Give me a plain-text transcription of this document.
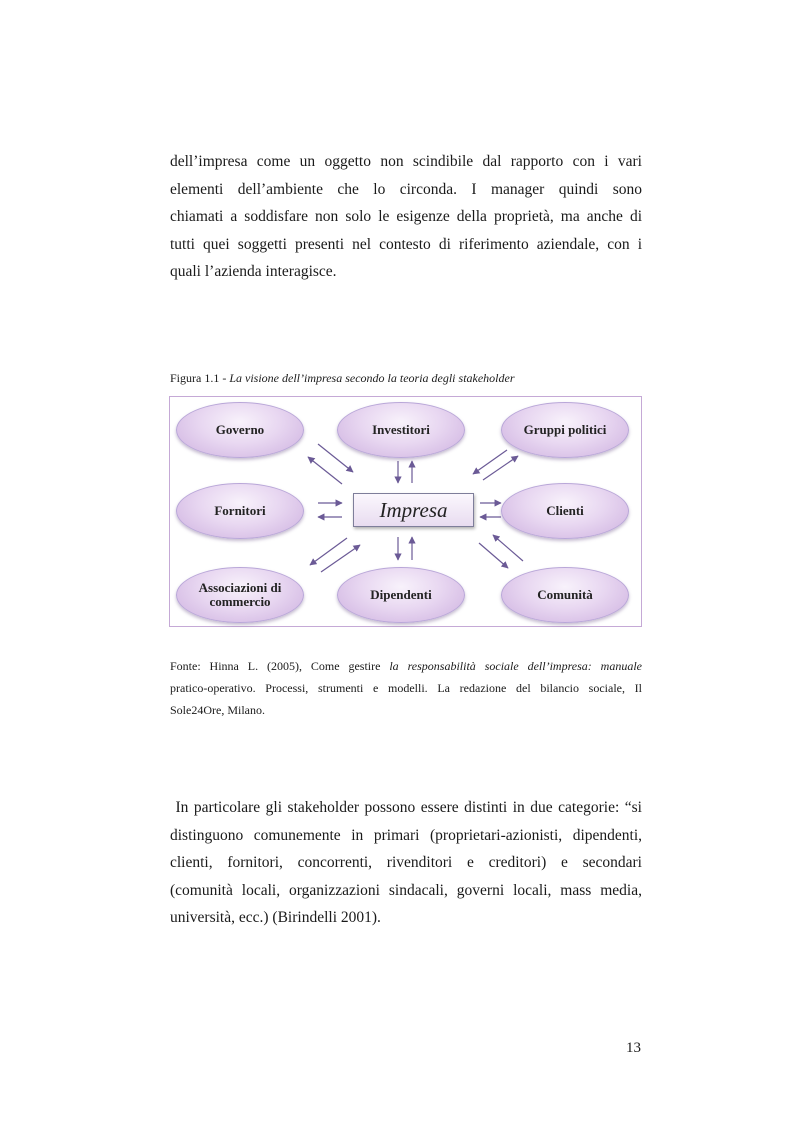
dell’impresa come un oggetto non scindibile dal rapporto con i vari
elementi dell’ambiente che lo circonda. I manager quindi sono
chiamati a soddisfare non solo le esigenze della proprietà, ma anche di
tutti quei soggetti presenti nel contesto di riferimento aziendale, con i
quali l’azienda interagisce.
Figura 1.1 - La visione dell’impresa secondo la teoria degli stakeholder
Governo	Investitori	Gruppi politici
Fornitori	Clienti
Associazioni di
commercio	Dipendenti	Comunità
Impresa
Fonte: Hinna L. (2005), Come gestire la responsabilità sociale dell’impresa: manuale
pratico-operativo. Processi, strumenti e modelli. La redazione del bilancio sociale, Il
Sole24Ore, Milano.
In particolare gli stakeholder possono essere distinti in due categorie: “si
distinguono comunemente in primari (proprietari-azionisti, dipendenti,
clienti, fornitori, concorrenti, rivenditori e creditori) e secondari
(comunità locali, organizzazioni sindacali, governi locali, mass media,
università, ecc.) (Birindelli 2001).
13
